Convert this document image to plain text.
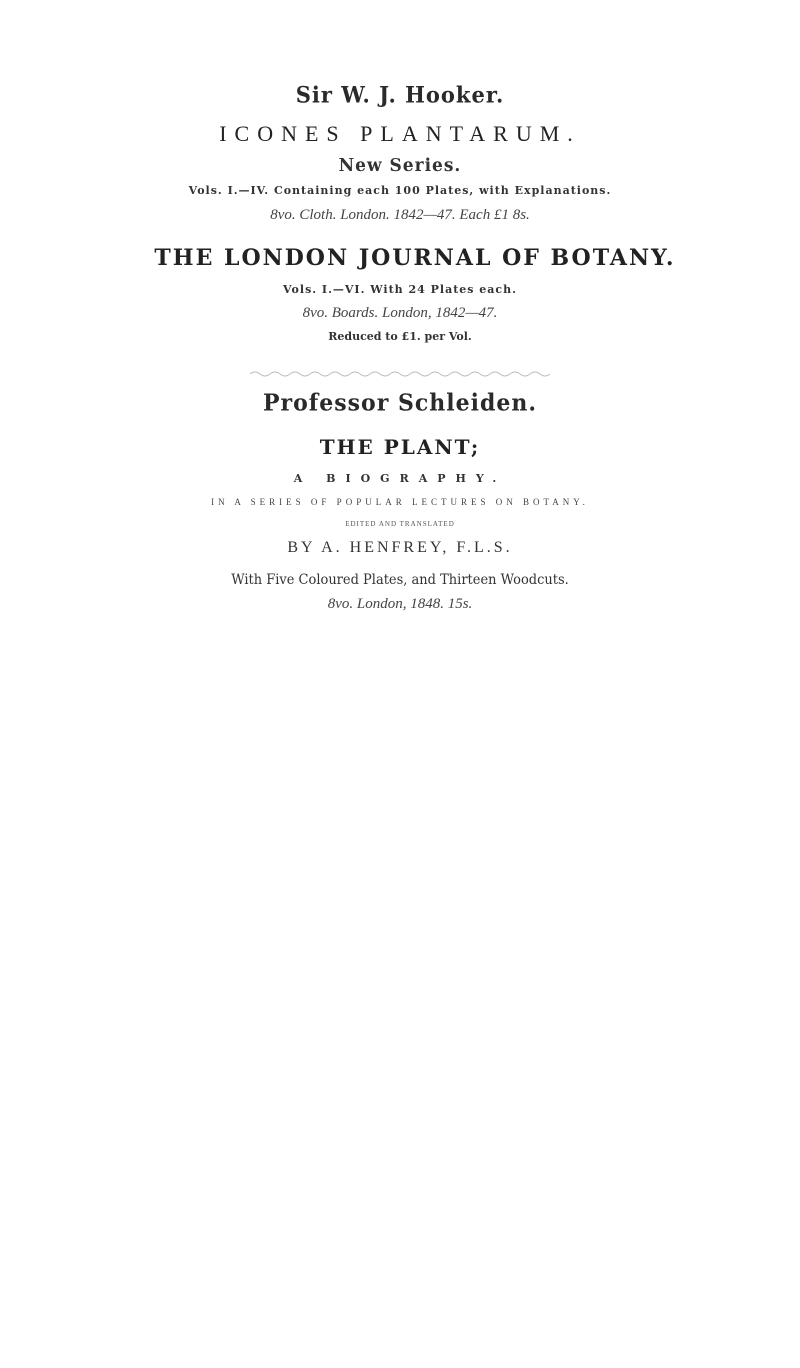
Sir W. J. Hooker.
ICONES PLANTARUM.
New Series.
Vols. I.—IV. Containing each 100 Plates, with Explanations.
8vo. Cloth. London. 1842—47. Each £1 8s.
THE LONDON JOURNAL OF BOTANY.
Vols. I.—VI. With 24 Plates each.
8vo. Boards. London, 1842—47.
Reduced to £1. per Vol.
Professor Schleiden.
THE PLANT;
A BIOGRAPHY.
IN A SERIES OF POPULAR LECTURES ON BOTANY.
EDITED AND TRANSLATED
BY A. HENFREY, F.L.S.
With Five Coloured Plates, and Thirteen Woodcuts.
8vo. London, 1848. 15s.
